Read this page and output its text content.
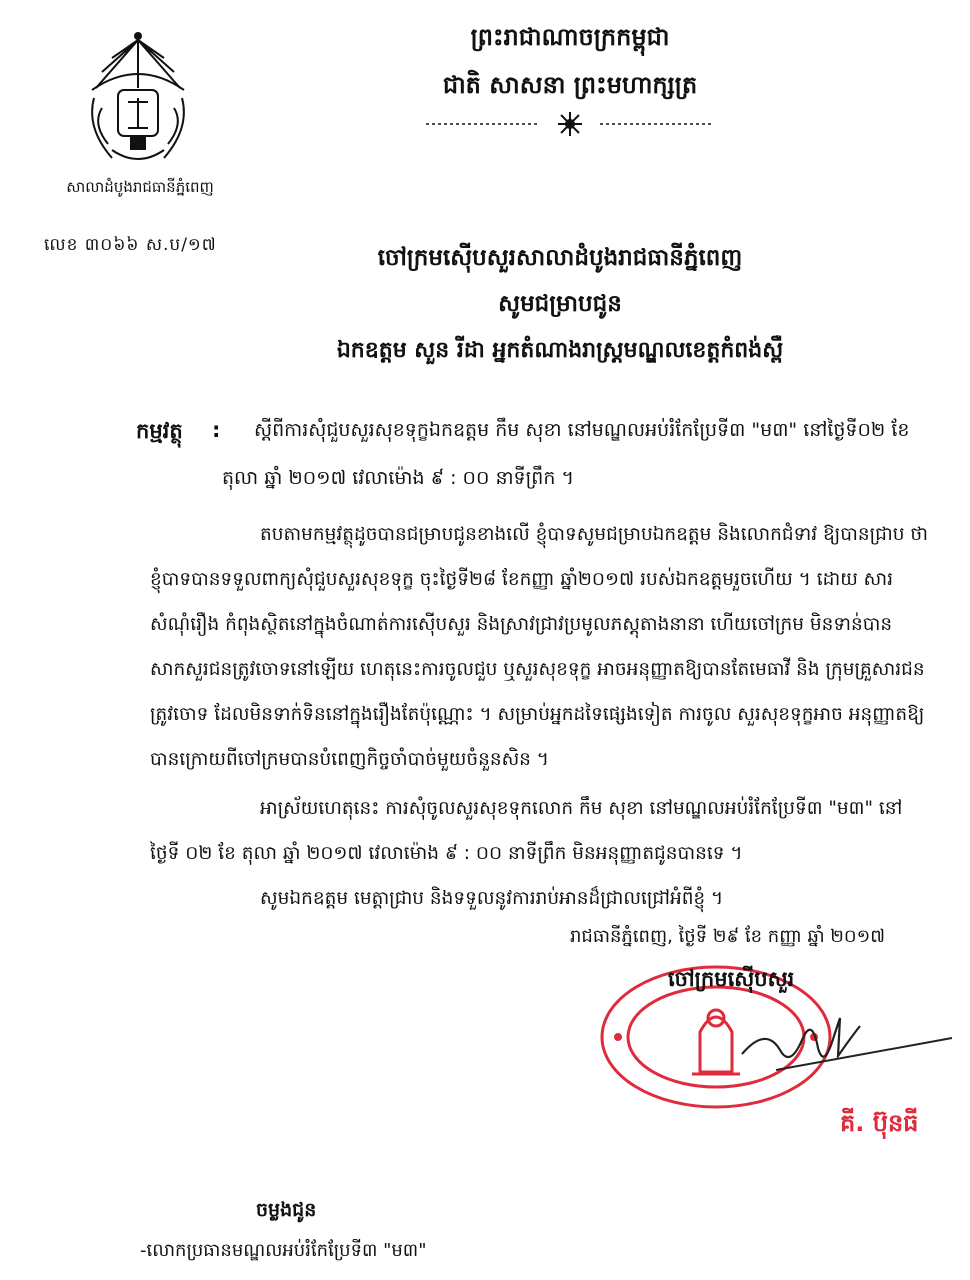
សាលាដំបូងរាជធានីភ្នំពេញ
លេខ ៣០៦៦ ស.ប/១៧
ព្រះរាជាណាចក្រកម្ពុជា
ជាតិ សាសនា ព្រះមហាក្សត្រ
ចៅក្រមស៊ើបសួរសាលាដំបូងរាជធានីភ្នំពេញ
សូមជម្រាបជូន
ឯកឧត្តម សួន រីដា អ្នកតំណាងរាស្ត្រមណ្ឌលខេត្តកំពង់ស្ពឺ
កម្មវត្ថុ : ស្តីពីការសុំជួបសួរសុខទុក្ខឯកឧត្តម កឹម សុខា នៅមណ្ឌលអប់រំកែប្រែទី៣ "ម៣" នៅថ្ងៃទី០២ ខែ
តុលា ឆ្នាំ ២០១៧ វេលាម៉ោង ៩ : ០០ នាទីព្រឹក ។
តបតាមកម្មវត្ថុដូចបានជម្រាបជូនខាងលើ ខ្ញុំបាទសូមជម្រាបឯកឧត្តម និងលោកជំទាវ ឱ្យបានជ្រាប ថា ខ្ញុំបាទបានទទួលពាក្យសុំជួបសួរសុខទុក្ខ ចុះថ្ងៃទី២៨ ខែកញ្ញា ឆ្នាំ២០១៧ របស់ឯកឧត្តមរួចហើយ ។ ដោយ សារសំណុំរឿង កំពុងស្ថិតនៅក្នុងចំណាត់ការស៊ើបសួរ និងស្រាវជ្រាវប្រមូលភស្តុតាងនានា ហើយចៅក្រម មិនទាន់បានសាកសួរជនត្រូវចោទនៅឡើយ ហេតុនេះការចូលជួប ឬសួរសុខទុក្ខ អាចអនុញ្ញាតឱ្យបានតែមេធាវី និង ក្រុមគ្រួសារជនត្រូវចោទ ដែលមិនទាក់ទិននៅក្នុងរឿងតែប៉ុណ្ណោះ ។ សម្រាប់អ្នកដទៃផ្សេងទៀត ការចូល សួរសុខទុក្ខអាច អនុញ្ញាតឱ្យបានក្រោយពីចៅក្រមបានបំពេញកិច្ចចាំបាច់មួយចំនួនសិន ។
អាស្រ័យហេតុនេះ ការសុំចូលសួរសុខទុកលោក កឹម សុខា នៅមណ្ឌលអប់រំកែប្រែទី៣ "ម៣" នៅថ្ងៃទី ០២ ខែ តុលា ឆ្នាំ ២០១៧ វេលាម៉ោង ៩ : ០០ នាទីព្រឹក មិនអនុញ្ញាតជូនបានទេ ។
សូមឯកឧត្តម មេត្តាជ្រាប និងទទួលនូវការរាប់អានដ៏ជ្រាលជ្រៅអំពីខ្ញុំ ។
រាជធានីភ្នំពេញ, ថ្ងៃទី ២៩ ខែ កញ្ញា ឆ្នាំ ២០១៧
ចៅក្រមស៊ើបសួរ
គី. ប៊ុនធី
ចម្លងជូន
-លោកប្រធានមណ្ឌលអប់រំកែប្រែទី៣ "ម៣"
